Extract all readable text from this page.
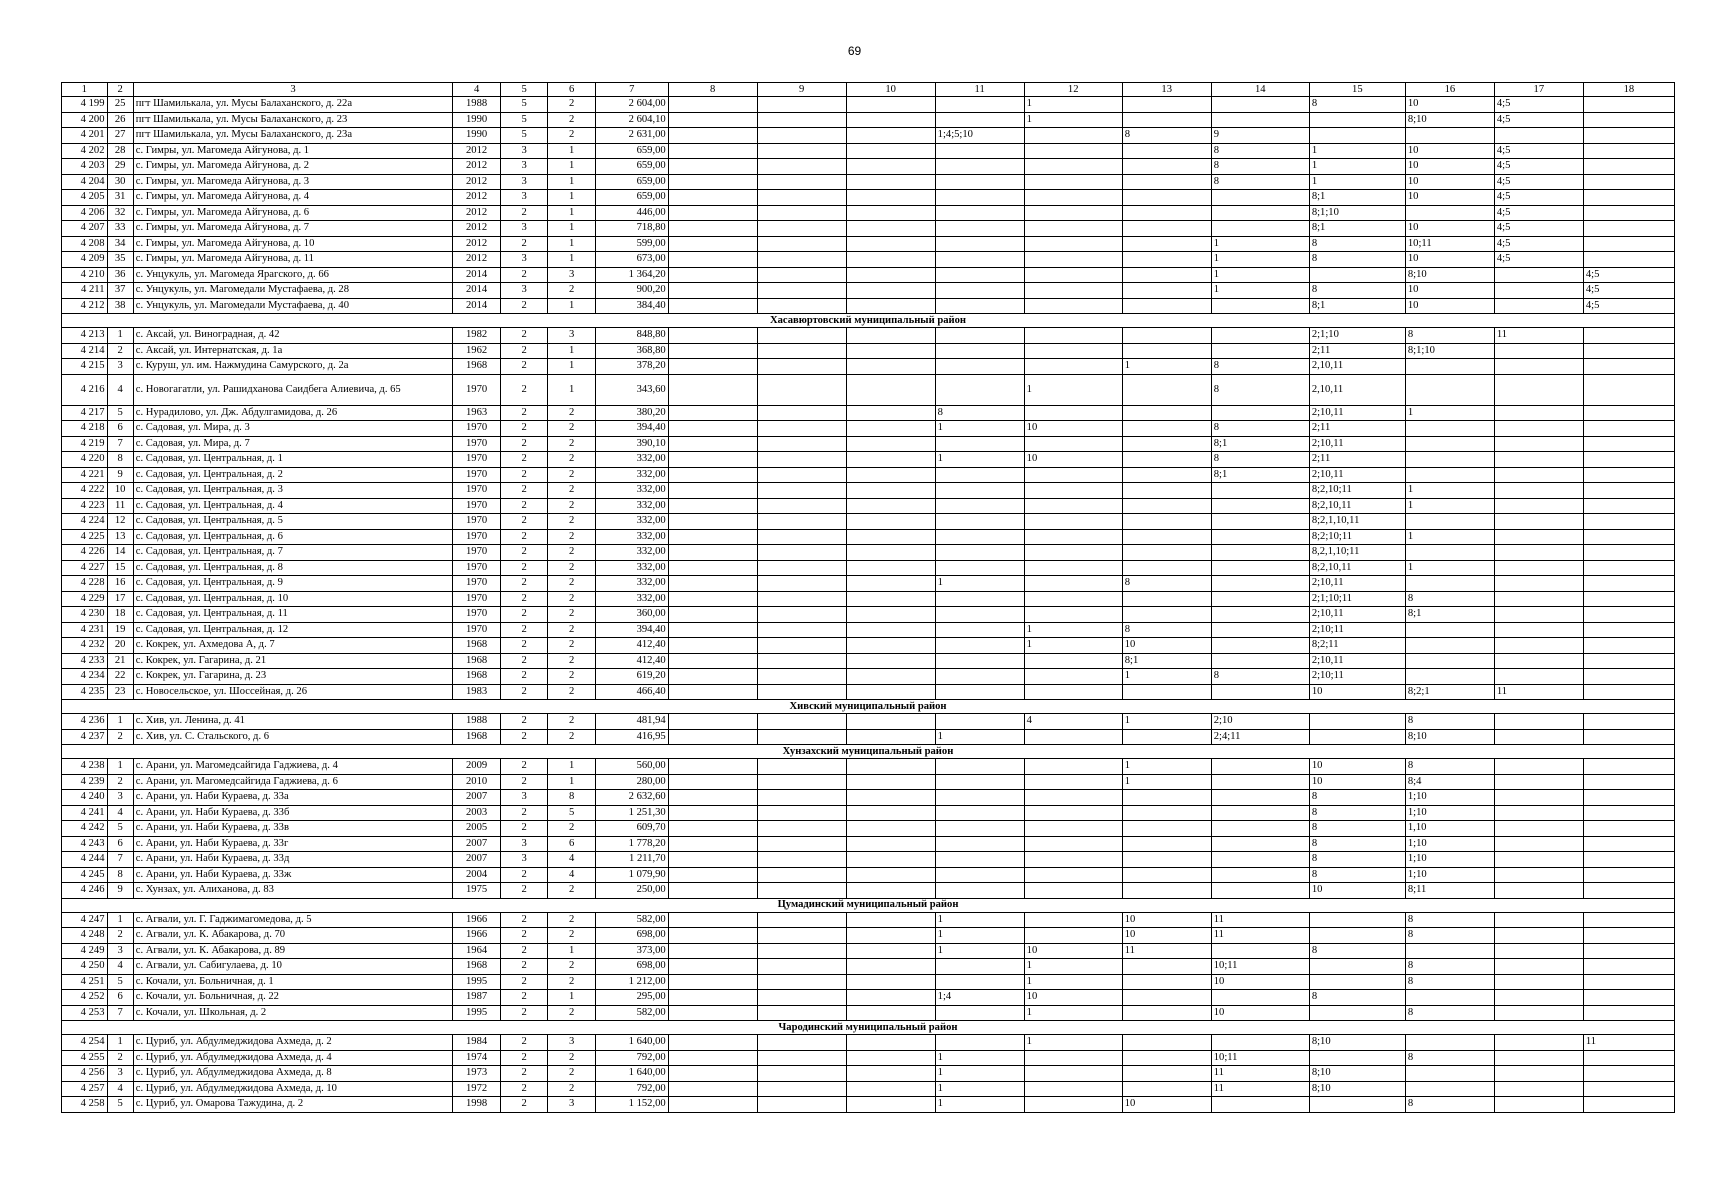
69
1	2	3	4	5	6	7	8	9	10	11	12	13	14	15	16	17	18
4 199	25	пгт Шамилькала, ул. Мусы Балаханского, д. 22а	1988	5	2	2 604,00					1			8	10	4;5	
4 200	26	пгт Шамилькала, ул. Мусы Балаханского, д. 23	1990	5	2	2 604,10					1				8;10	4;5	
4 201	27	пгт Шамилькала, ул. Мусы Балаханского, д. 23а	1990	5	2	2 631,00				1;4;5;10		8	9				
4 202	28	с. Гимры, ул. Магомеда Айгунова, д. 1	2012	3	1	659,00							8	1	10	4;5	
4 203	29	с. Гимры, ул. Магомеда Айгунова, д. 2	2012	3	1	659,00							8	1	10	4;5	
4 204	30	с. Гимры, ул. Магомеда Айгунова, д. 3	2012	3	1	659,00							8	1	10	4;5	
4 205	31	с. Гимры, ул. Магомеда Айгунова, д. 4	2012	3	1	659,00								8;1	10	4;5	
4 206	32	с. Гимры, ул. Магомеда Айгунова, д. 6	2012	2	1	446,00								8;1;10		4;5	
4 207	33	с. Гимры, ул. Магомеда Айгунова, д. 7	2012	3	1	718,80								8;1	10	4;5	
4 208	34	с. Гимры, ул. Магомеда Айгунова, д. 10	2012	2	1	599,00							1	8	10;11	4;5	
4 209	35	с. Гимры, ул. Магомеда Айгунова, д. 11	2012	3	1	673,00							1	8	10	4;5	
4 210	36	с. Унцукуль, ул. Магомеда Ярагского, д. 66	2014	2	3	1 364,20							1		8;10		4;5
4 211	37	с. Унцукуль, ул. Магомедали Мустафаева, д. 28	2014	3	2	900,20							1	8	10		4;5
4 212	38	с. Унцукуль, ул. Магомедали Мустафаева, д. 40	2014	2	1	384,40								8;1	10		4;5
Хасавюртовский муниципальный район																	
4 213	1	с. Аксай, ул. Виноградная, д. 42	1982	2	3	848,80								2;1;10	8	11	
4 214	2	с. Аксай, ул. Интернатская, д. 1а	1962	2	1	368,80								2;11	8;1;10		
4 215	3	с. Куруш, ул. им. Нажмудина Самурского, д. 2а	1968	2	1	378,20						1	8	2,10,11			
4 216	4	с. Новогагатли, ул. Рашидханова Саидбега Алиевича, д. 65	1970	2	1	343,60					1		8	2,10,11			
4 217	5	с. Нурадилово, ул. Дж. Абдулгамидова, д. 26	1963	2	2	380,20				8				2;10,11	1		
4 218	6	с. Садовая, ул. Мира, д. 3	1970	2	2	394,40				1	10		8	2;11			
4 219	7	с. Садовая, ул. Мира, д. 7	1970	2	2	390,10							8;1	2;10,11			
4 220	8	с. Садовая, ул. Центральная, д. 1	1970	2	2	332,00				1	10		8	2;11			
4 221	9	с. Садовая, ул. Центральная, д. 2	1970	2	2	332,00							8;1	2;10,11			
4 222	10	с. Садовая, ул. Центральная, д. 3	1970	2	2	332,00								8;2,10;11	1		
4 223	11	с. Садовая, ул. Центральная, д. 4	1970	2	2	332,00								8;2,10,11	1		
4 224	12	с. Садовая, ул. Центральная, д. 5	1970	2	2	332,00								8;2,1,10,11			
4 225	13	с. Садовая, ул. Центральная, д. 6	1970	2	2	332,00								8;2;10;11	1		
4 226	14	с. Садовая, ул. Центральная, д. 7	1970	2	2	332,00								8,2,1,10;11			
4 227	15	с. Садовая, ул. Центральная, д. 8	1970	2	2	332,00								8;2,10,11	1		
4 228	16	с. Садовая, ул. Центральная, д. 9	1970	2	2	332,00				1		8		2;10,11			
4 229	17	с. Садовая, ул. Центральная, д. 10	1970	2	2	332,00								2;1;10;11	8		
4 230	18	с. Садовая, ул. Центральная, д. 11	1970	2	2	360,00								2;10,11	8;1		
4 231	19	с. Садовая, ул. Центральная, д. 12	1970	2	2	394,40					1	8		2;10;11			
4 232	20	с. Кокрек, ул. Ахмедова А, д. 7	1968	2	2	412,40					1	10		8;2;11			
4 233	21	с. Кокрек, ул. Гагарина, д. 21	1968	2	2	412,40						8;1		2;10,11			
4 234	22	с. Кокрек, ул. Гагарина, д. 23	1968	2	2	619,20						1	8	2;10;11			
4 235	23	с. Новосельское, ул. Шоссейная, д. 26	1983	2	2	466,40								10	8;2;1	11	
Хивский муниципальный район																	
4 236	1	с. Хив, ул. Ленина, д. 41	1988	2	2	481,94					4	1	2;10		8		
4 237	2	с. Хив, ул. С. Стальского, д. 6	1968	2	2	416,95				1			2;4;11		8;10		
Хунзахский муниципальный район																	
4 238	1	с. Арани, ул. Магомедсайгида Гаджиева, д. 4	2009	2	1	560,00						1		10	8		
4 239	2	с. Арани, ул. Магомедсайгида Гаджиева, д. 6	2010	2	1	280,00						1		10	8;4		
4 240	3	с. Арани, ул. Наби Кураева, д. 33а	2007	3	8	2 632,60								8	1;10		
4 241	4	с. Арани, ул. Наби Кураева, д. 33б	2003	2	5	1 251,30								8	1;10		
4 242	5	с. Арани, ул. Наби Кураева, д. 33в	2005	2	2	609,70								8	1,10		
4 243	6	с. Арани, ул. Наби Кураева, д. 33г	2007	3	6	1 778,20								8	1;10		
4 244	7	с. Арани, ул. Наби Кураева, д. 33д	2007	3	4	1 211,70								8	1;10		
4 245	8	с. Арани, ул. Наби Кураева, д. 33ж	2004	2	4	1 079,90								8	1;10		
4 246	9	с. Хунзах, ул. Алиханова, д. 83	1975	2	2	250,00								10	8;11		
Цумадинский муниципальный район																	
4 247	1	с. Агвали, ул. Г. Гаджимагомедова, д. 5	1966	2	2	582,00				1		10	11		8		
4 248	2	с. Агвали, ул. К. Абакарова, д. 70	1966	2	2	698,00				1		10	11		8		
4 249	3	с. Агвали, ул. К. Абакарова, д. 89	1964	2	1	373,00				1	10	11		8			
4 250	4	с. Агвали, ул. Сабигулаева, д. 10	1968	2	2	698,00					1		10;11		8		
4 251	5	с. Кочали, ул. Больничная, д. 1	1995	2	2	1 212,00					1		10		8		
4 252	6	с. Кочали, ул. Больничная, д. 22	1987	2	1	295,00				1;4	10			8			
4 253	7	с. Кочали, ул. Школьная, д. 2	1995	2	2	582,00					1		10		8		
Чародинский муниципальный район																	
4 254	1	с. Цуриб, ул. Абдулмеджидова Ахмеда, д. 2	1984	2	3	1 640,00					1			8;10			11
4 255	2	с. Цуриб, ул. Абдулмеджидова Ахмеда, д. 4	1974	2	2	792,00				1			10;11		8		
4 256	3	с. Цуриб, ул. Абдулмеджидова Ахмеда, д. 8	1973	2	2	1 640,00				1			11	8;10			
4 257	4	с. Цуриб, ул. Абдулмеджидова Ахмеда, д. 10	1972	2	2	792,00				1			11	8;10			
4 258	5	с. Цуриб, ул. Омарова Тажудина, д. 2	1998	2	3	1 152,00				1		10			8		
